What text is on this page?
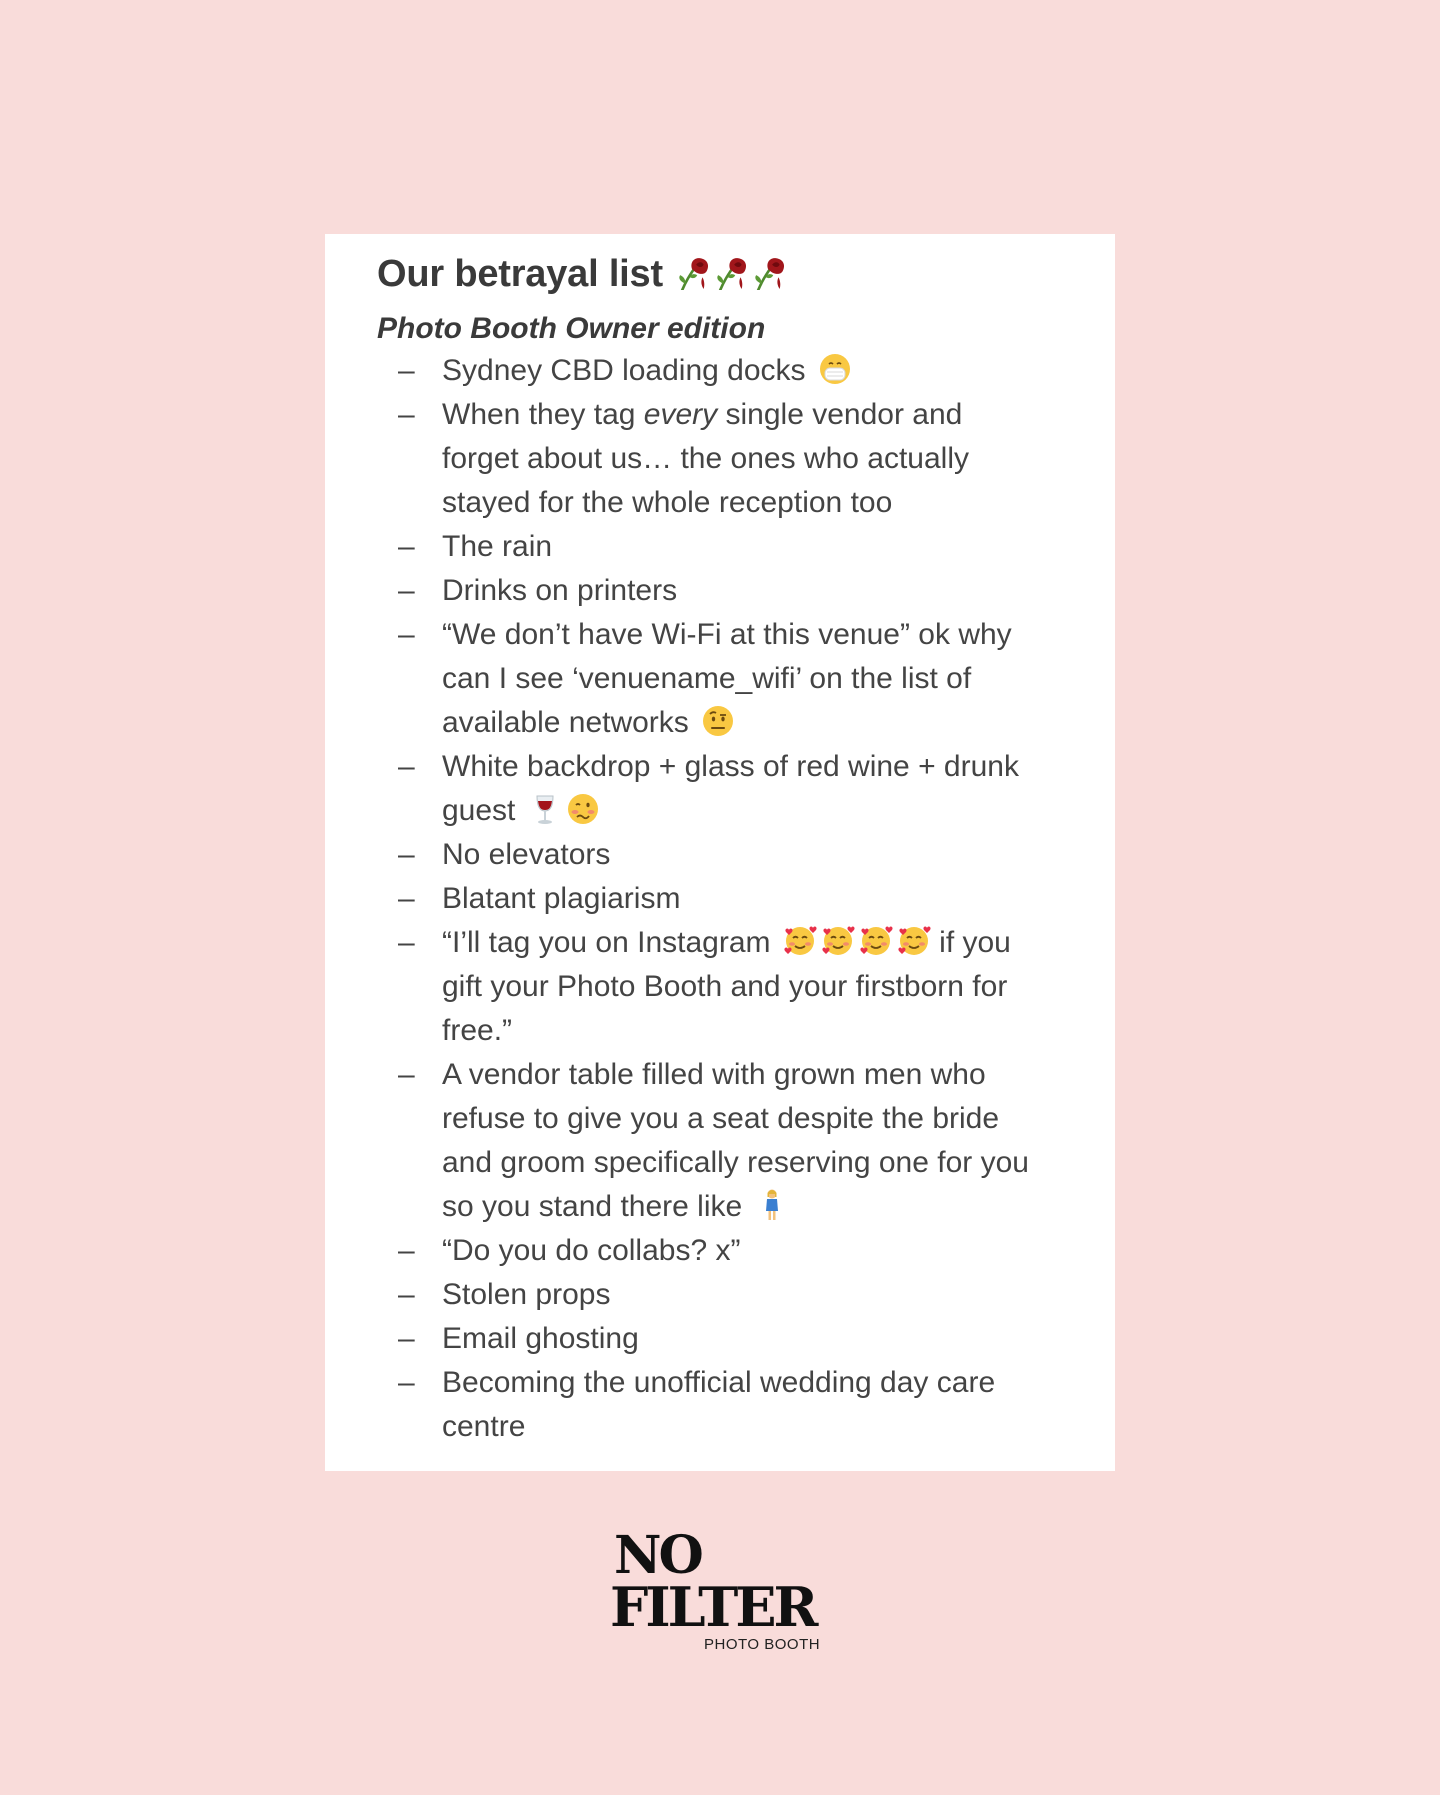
Our betrayal list

Photo Booth Owner edition

– Sydney CBD loading docks
– When they tag every single vendor and
forget about us… the ones who actually
stayed for the whole reception too
– The rain
– Drinks on printers
– “We don’t have Wi-Fi at this venue” ok why
can I see ‘venuename_wifi’ on the list of
available networks
– White backdrop + glass of red wine + drunk
guest
– No elevators
– Blatant plagiarism
– “I’ll tag you on Instagram	if you
gift your Photo Booth and your firstborn for
free.”
– A vendor table filled with grown men who
refuse to give you a seat despite the bride
and groom specifically reserving one for you
so you stand there like
– “Do you do collabs? x”
– Stolen props
– Email ghosting
– Becoming the unofficial wedding day care
centre
NO
FILTER
PHOTO BOOTH
